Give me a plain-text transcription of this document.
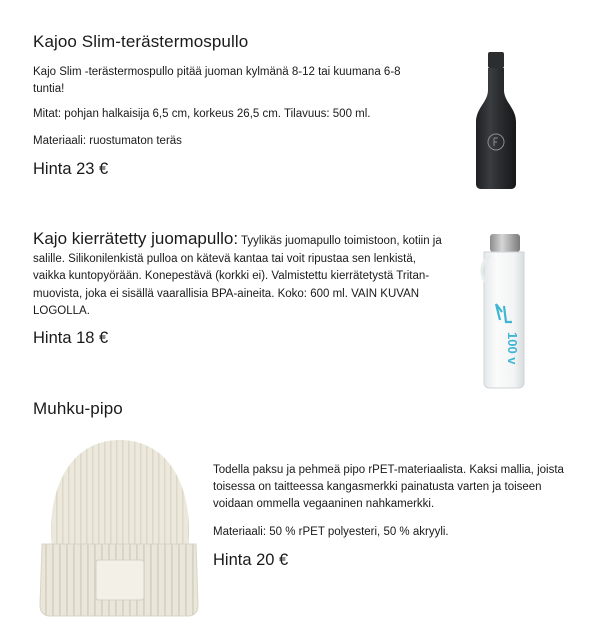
Kajoo Slim-terästermospullo

Kajo Slim -terästermospullo pitää juoman kylmänä 8-12 tai kuumana 6-8 tuntia!

Mitat: pohjan halkaisija 6,5 cm, korkeus 26,5 cm. Tilavuus: 500 ml.

Materiaali: ruostumaton teräs

Hinta 23 €

Kajo kierrätetty juomapullo: Tyylikäs juomapullo toimistoon, kotiin ja salille. Silikonilenkistä pulloa on kätevä kantaa tai voit ripustaa sen lenkistä, vaikka kuntopyörään. Konepestävä (korkki ei). Valmistettu kierrätetystä Tritan-muovista, joka ei sisällä vaarallisia BPA-aineita. Koko: 600 ml. VAIN KUVAN LOGOLLA.

Hinta 18 €	100 v
Muhku-pipo

Todella paksu ja pehmeä pipo rPET-materiaalista. Kaksi mallia, joista toisessa on taitteessa kangasmerkki painatusta varten ja toiseen voidaan ommella vegaaninen nahkamerkki.

Materiaali: 50 % rPET polyesteri, 50 % akryyli.

Hinta 20 €
